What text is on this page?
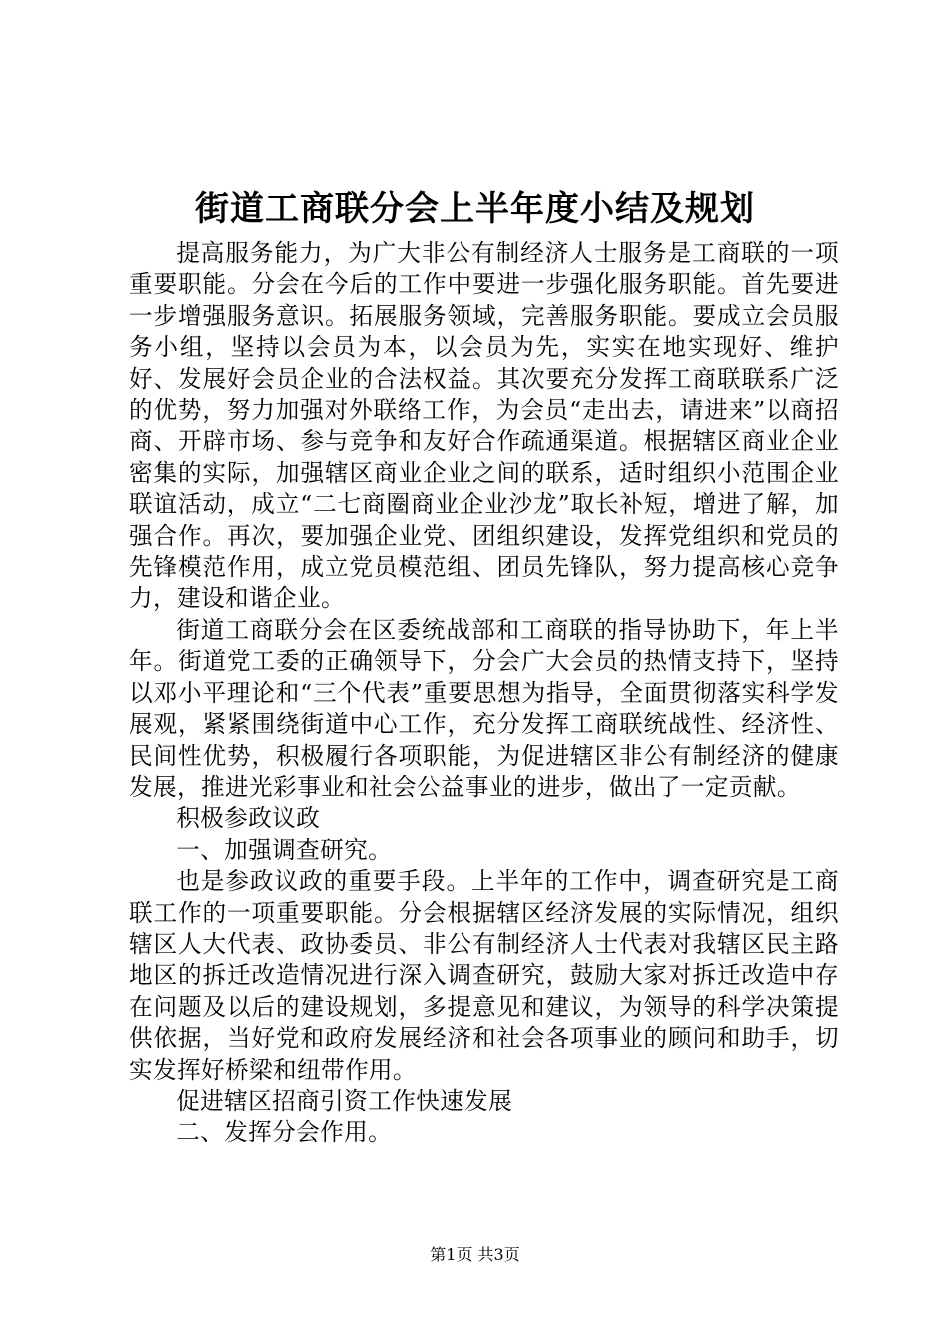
街道工商联分会上半年度小结及规划

提高服务能力，为广大非公有制经济人士服务是工商联的一项重要职能。分会在今后的工作中要进一步强化服务职能。首先要进一步增强服务意识。拓展服务领域，完善服务职能。要成立会员服务小组，坚持以会员为本，以会员为先，实实在地实现好、维护好、发展好会员企业的合法权益。其次要充分发挥工商联联系广泛的优势，努力加强对外联络工作，为会员“走出去，请进来”以商招商、开辟市场、参与竞争和友好合作疏通渠道。根据辖区商业企业密集的实际，加强辖区商业企业之间的联系，适时组织小范围企业联谊活动，成立“二七商圈商业企业沙龙”取长补短，增进了解，加强合作。再次，要加强企业党、团组织建设，发挥党组织和党员的先锋模范作用，成立党员模范组、团员先锋队，努力提高核心竞争力，建设和谐企业。

街道工商联分会在区委统战部和工商联的指导协助下，年上半年。街道党工委的正确领导下，分会广大会员的热情支持下，坚持以邓小平理论和“三个代表”重要思想为指导，全面贯彻落实科学发展观，紧紧围绕街道中心工作，充分发挥工商联统战性、经济性、民间性优势，积极履行各项职能，为促进辖区非公有制经济的健康发展，推进光彩事业和社会公益事业的进步，做出了一定贡献。

积极参政议政

一、加强调查研究。

也是参政议政的重要手段。上半年的工作中，调查研究是工商联工作的一项重要职能。分会根据辖区经济发展的实际情况，组织辖区人大代表、政协委员、非公有制经济人士代表对我辖区民主路地区的拆迁改造情况进行深入调查研究，鼓励大家对拆迁改造中存在问题及以后的建设规划，多提意见和建议，为领导的科学决策提供依据，当好党和政府发展经济和社会各项事业的顾问和助手，切实发挥好桥梁和纽带作用。

促进辖区招商引资工作快速发展

二、发挥分会作用。

第1页 共3页
